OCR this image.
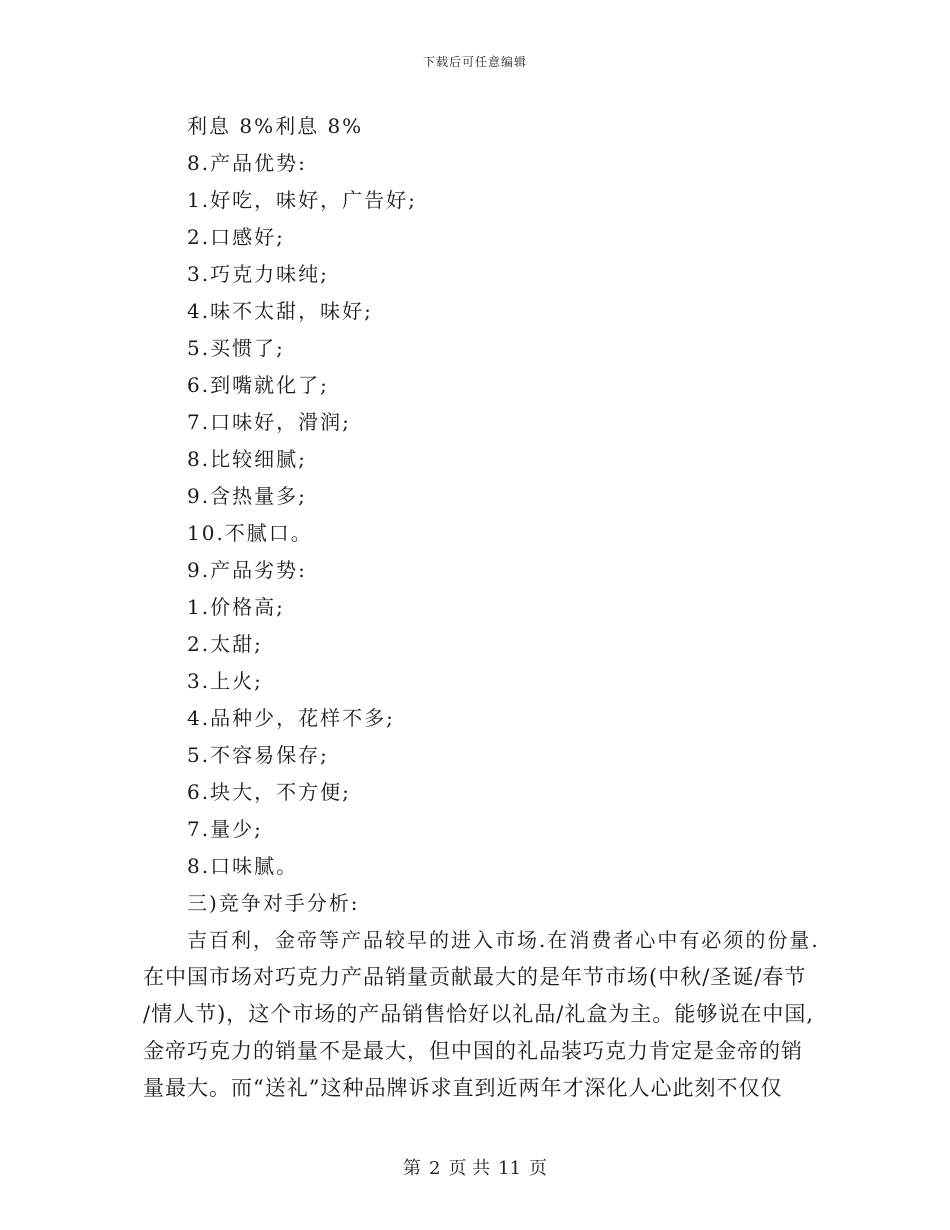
下载后可任意编辑
利息 8%利息 8%
8.产品优势:
1.好吃，味好，广告好;
2.口感好;
3.巧克力味纯;
4.味不太甜，味好;
5.买惯了;
6.到嘴就化了;
7.口味好，滑润;
8.比较细腻;
9.含热量多;
10.不腻口。
9.产品劣势:
1.价格高;
2.太甜;
3.上火;
4.品种少，花样不多;
5.不容易保存;
6.块大，不方便;
7.量少;
8.口味腻。
三)竞争对手分析:
吉百利，金帝等产品较早的进入市场.在消费者心中有必须的份量.
在中国市场对巧克力产品销量贡献最大的是年节市场(中秋/圣诞/春节
/情人节)，这个市场的产品销售恰好以礼品/礼盒为主。能够说在中国,
金帝巧克力的销量不是最大，但中国的礼品装巧克力肯定是金帝的销
量最大。而“送礼”这种品牌诉求直到近两年才深化人心此刻不仅仅
第 2 页 共 11 页
